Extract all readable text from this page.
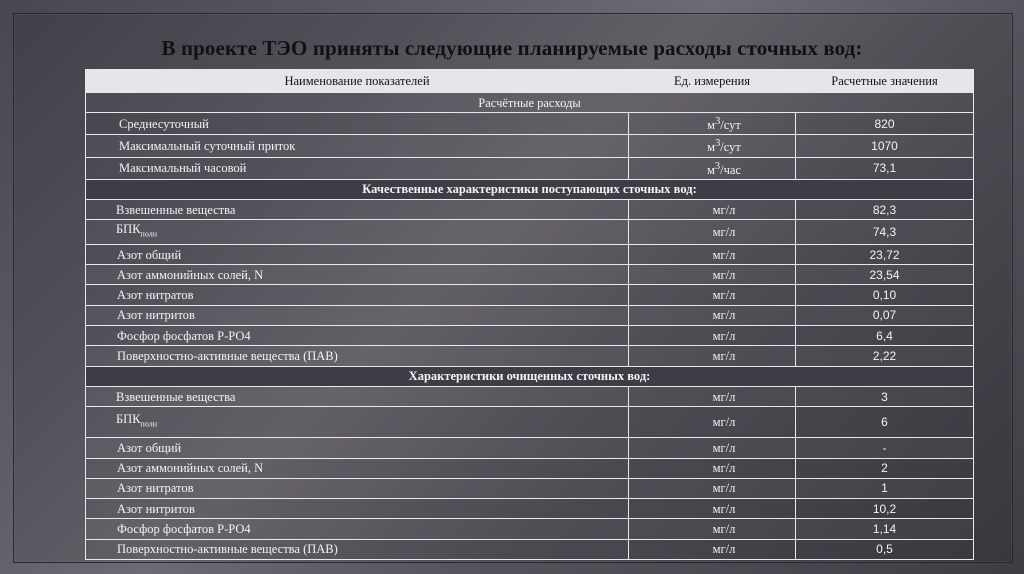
В проекте ТЭО приняты следующие планируемые расходы сточных вод:
Наименование показателей	Ед. измерения	Расчетные значения
Расчётные расходы		
Среднесуточный	$м^3$/сут	820
Максимальный суточный приток	$м^3$/сут	1070
Максимальный часовой	$м^3$/час	73,1
Качественные характеристики поступающих сточных вод:		
Взвешенные вещества	мг/л	82,3
$БПК_{полн}$	мг/л	74,3
Азот общий	мг/л	23,72
Азот аммонийных солей, N	мг/л	23,54
Азот нитратов	мг/л	0,10
Азот нитритов	мг/л	0,07
Фосфор фосфатов Р-РО4	мг/л	6,4
Поверхностно-активные вещества (ПАВ)	мг/л	2,22
Характеристики очищенных сточных вод:		
Взвешенные вещества	мг/л	3
$БПК_{полн}$	мг/л	6
Азот общий	мг/л	-
Азот аммонийных солей, N	мг/л	2
Азот нитратов	мг/л	1
Азот нитритов	мг/л	10,2
Фосфор фосфатов Р-РО4	мг/л	1,14
Поверхностно-активные вещества (ПАВ)	мг/л	0,5
